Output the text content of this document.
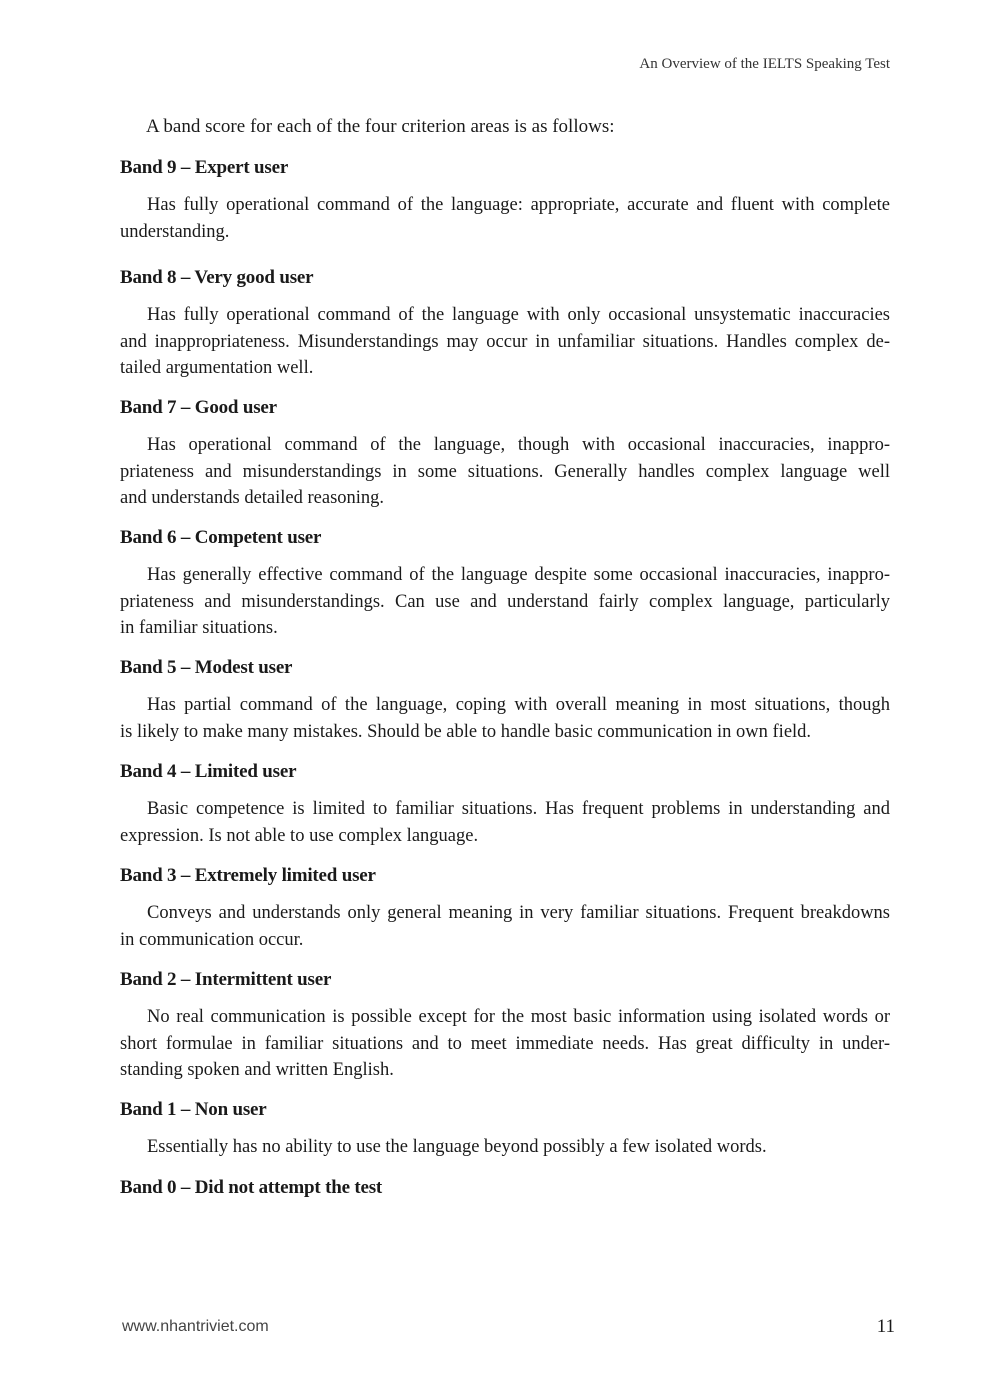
An Overview of the IELTS Speaking Test
A band score for each of the four criterion areas is as follows:
Band 9 – Expert user
Has fully operational command of the language: appropriate, accurate and fluent with complete
understanding.
Band 8 – Very good user
Has fully operational command of the language with only occasional unsystematic inaccuracies
and inappropriateness. Misunderstandings may occur in unfamiliar situations. Handles complex de-
tailed argumentation well.
Band 7 – Good user
Has operational command of the language, though with occasional inaccuracies, inappro-
priateness and misunderstandings in some situations. Generally handles complex language well
and understands detailed reasoning.
Band 6 – Competent user
Has generally effective command of the language despite some occasional inaccuracies, inappro-
priateness and misunderstandings. Can use and understand fairly complex language, particularly
in familiar situations.
Band 5 – Modest user
Has partial command of the language, coping with overall meaning in most situations, though
is likely to make many mistakes. Should be able to handle basic communication in own field.
Band 4 – Limited user
Basic competence is limited to familiar situations. Has frequent problems in understanding and
expression. Is not able to use complex language.
Band 3 – Extremely limited user
Conveys and understands only general meaning in very familiar situations. Frequent breakdowns
in communication occur.
Band 2 – Intermittent user
No real communication is possible except for the most basic information using isolated words or
short formulae in familiar situations and to meet immediate needs. Has great difficulty in under-
standing spoken and written English.
Band 1 – Non user
Essentially has no ability to use the language beyond possibly a few isolated words.
Band 0 – Did not attempt the test
www.nhantriviet.com	11
